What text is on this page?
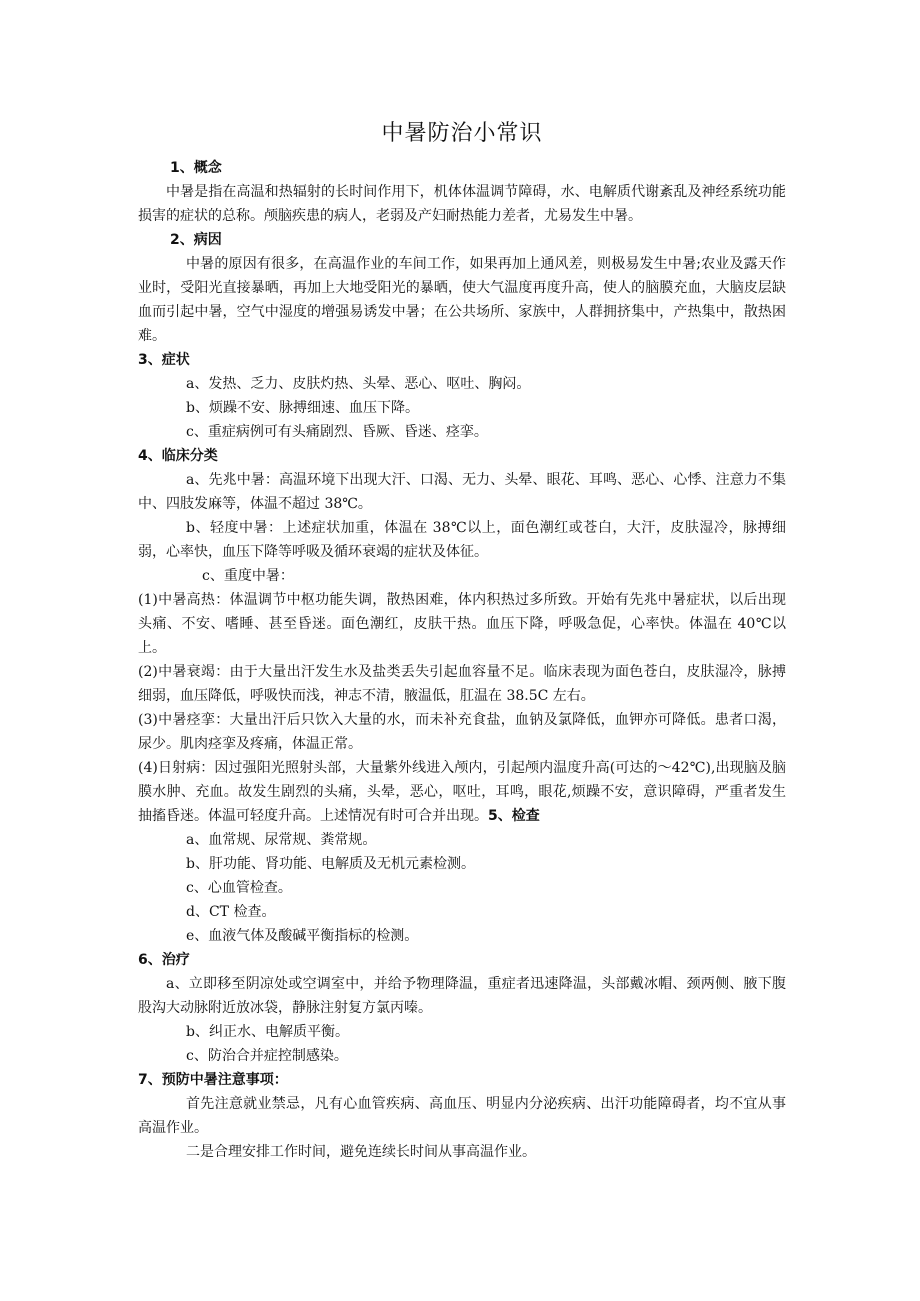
中暑防治小常识

1、概念

中暑是指在高温和热辐射的长时间作用下，机体体温调节障碍，水、电解质代谢紊乱及神经系统功能损害的症状的总称。颅脑疾患的病人，老弱及产妇耐热能力差者，尤易发生中暑。

2、病因

中暑的原因有很多，在高温作业的车间工作，如果再加上通风差，则极易发生中暑;农业及露天作业时，受阳光直接暴晒，再加上大地受阳光的暴晒，使大气温度再度升高，使人的脑膜充血，大脑皮层缺血而引起中暑，空气中湿度的增强易诱发中暑；在公共场所、家族中，人群拥挤集中，产热集中，散热困难。

3、症状

a、发热、乏力、皮肤灼热、头晕、恶心、呕吐、胸闷。

b、烦躁不安、脉搏细速、血压下降。

c、重症病例可有头痛剧烈、昏厥、昏迷、痉挛。

4、临床分类

a、先兆中暑：高温环境下出现大汗、口渴、无力、头晕、眼花、耳鸣、恶心、心悸、注意力不集中、四肢发麻等，体温不超过 38℃。

b、轻度中暑：上述症状加重，体温在 38℃以上，面色潮红或苍白，大汗，皮肤湿冷，脉搏细弱，心率快，血压下降等呼吸及循环衰竭的症状及体征。

c、重度中暑：

(1)中暑高热：体温调节中枢功能失调，散热困难，体内积热过多所致。开始有先兆中暑症状，以后出现头痛、不安、嗜睡、甚至昏迷。面色潮红，皮肤干热。血压下降，呼吸急促，心率快。体温在 40℃以上。

(2)中暑衰竭：由于大量出汗发生水及盐类丢失引起血容量不足。临床表现为面色苍白，皮肤湿冷，脉搏细弱，血压降低，呼吸快而浅，神志不清，腋温低，肛温在 38.5C 左右。

(3)中暑痉挛：大量出汗后只饮入大量的水，而未补充食盐，血钠及氯降低，血钾亦可降低。患者口渴，尿少。肌肉痉挛及疼痛，体温正常。

(4)日射病：因过强阳光照射头部，大量紫外线进入颅内，引起颅内温度升高(可达的～42℃),出现脑及脑膜水肿、充血。故发生剧烈的头痛，头晕，恶心，呕吐，耳鸣，眼花,烦躁不安，意识障碍，严重者发生抽搐昏迷。体温可轻度升高。上述情况有时可合并出现。5、检查

a、血常规、尿常规、粪常规。

b、肝功能、肾功能、电解质及无机元素检测。

c、心血管检查。

d、CT 检查。

e、血液气体及酸碱平衡指标的检测。

6、治疗

a、立即移至阴凉处或空调室中，并给予物理降温，重症者迅速降温，头部戴冰帽、颈两侧、腋下腹股沟大动脉附近放冰袋，静脉注射复方氯丙嗪。

b、纠正水、电解质平衡。

c、防治合并症控制感染。

7、预防中暑注意事项：

首先注意就业禁忌，凡有心血管疾病、高血压、明显内分泌疾病、出汗功能障碍者，均不宜从事高温作业。

二是合理安排工作时间，避免连续长时间从事高温作业。
